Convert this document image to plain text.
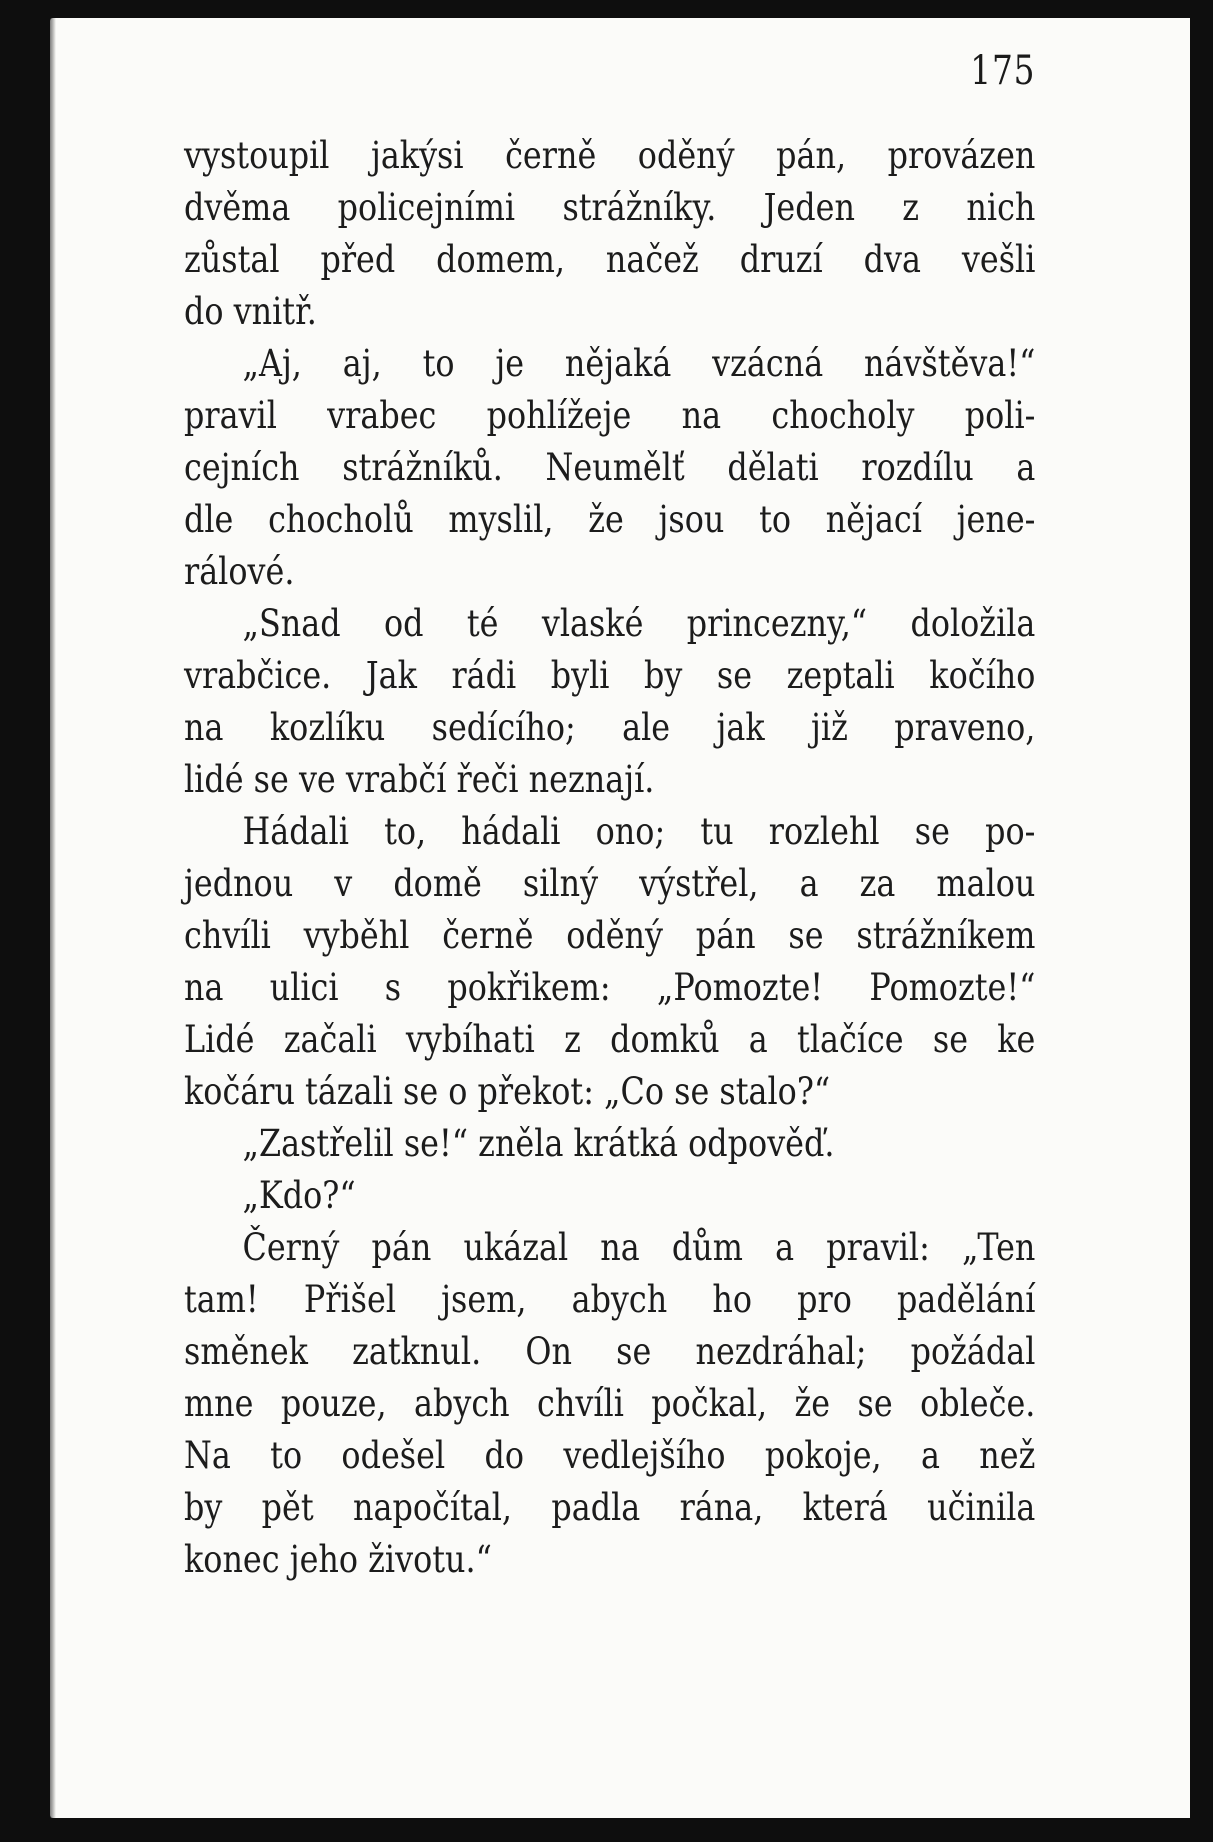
175
vystoupil jakýsi černě oděný pán, provázen
dvěma policejními strážníky. Jeden z nich
zůstal před domem, načež druzí dva vešli
do vnitř.
„Aj, aj, to je nějaká vzácná návštěva!“
pravil vrabec pohlížeje na chocholy poli-
cejních strážníků. Neumělť dělati rozdílu a
dle chocholů myslil, že jsou to nějací jene-
rálové.
„Snad od té vlaské princezny,“ doložila
vrabčice. Jak rádi byli by se zeptali kočího
na kozlíku sedícího; ale jak již praveno,
lidé se ve vrabčí řeči neznají.
Hádali to, hádali ono; tu rozlehl se po-
jednou v domě silný výstřel, a za malou
chvíli vyběhl černě oděný pán se strážníkem
na ulici s pokřikem: „Pomozte! Pomozte!“
Lidé začali vybíhati z domků a tlačíce se ke
kočáru tázali se o překot: „Co se stalo?“
„Zastřelil se!“ zněla krátká odpověď.
„Kdo?“
Černý pán ukázal na dům a pravil: „Ten
tam! Přišel jsem, abych ho pro padělání
směnek zatknul. On se nezdráhal; požádal
mne pouze, abych chvíli počkal, že se obleče.
Na to odešel do vedlejšího pokoje, a než
by pět napočítal, padla rána, která učinila
konec jeho životu.“
